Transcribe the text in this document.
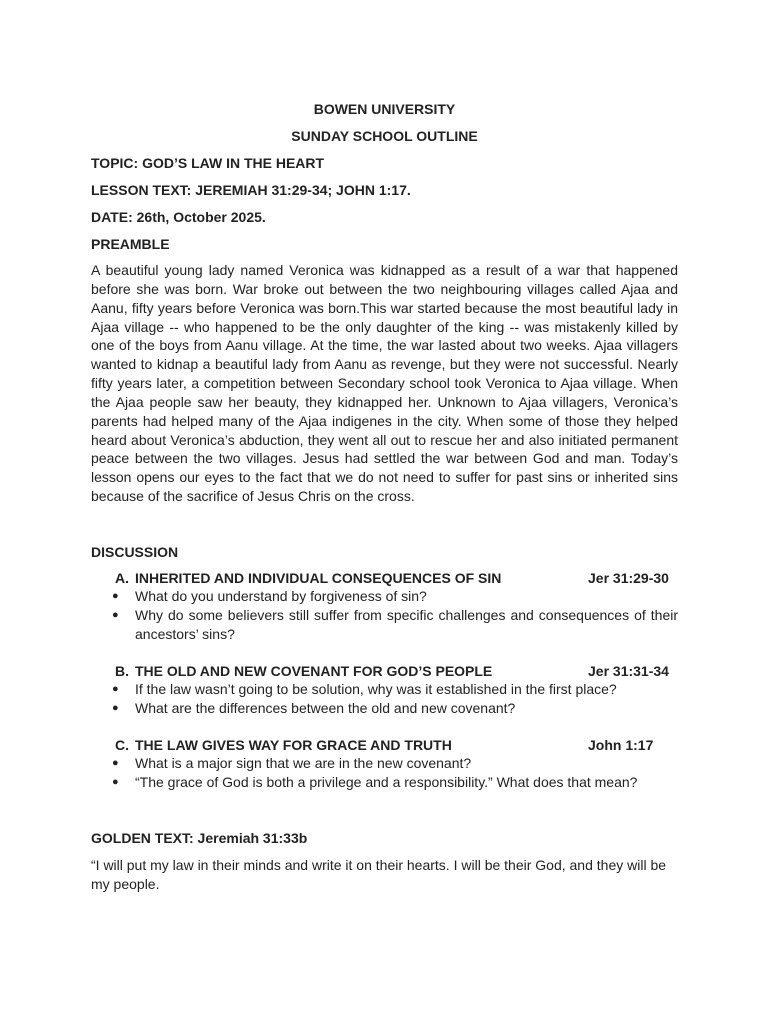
BOWEN UNIVERSITY
SUNDAY SCHOOL OUTLINE
TOPIC: GOD’S LAW IN THE HEART
LESSON TEXT: JEREMIAH 31:29-34; JOHN 1:17.
DATE: 26th, October 2025.
PREAMBLE
A beautiful young lady named Veronica was kidnapped as a result of a war that happened before she was born. War broke out between the two neighbouring villages called Ajaa and Aanu, fifty years before Veronica was born.This war started because the most beautiful lady in Ajaa village -- who happened to be the only daughter of the king -- was mistakenly killed by one of the boys from Aanu village. At the time, the war lasted about two weeks. Ajaa villagers wanted to kidnap a beautiful lady from Aanu as revenge, but they were not successful. Nearly fifty years later, a competition between Secondary school took Veronica to Ajaa village. When the Ajaa people saw her beauty, they kidnapped her. Unknown to Ajaa villagers, Veronica’s parents had helped many of the Ajaa indigenes in the city. When some of those they helped heard about Veronica’s abduction, they went all out to rescue her and also initiated permanent peace between the two villages. Jesus had settled the war between God and man. Today’s lesson opens our eyes to the fact that we do not need to suffer for past sins or inherited sins because of the sacrifice of Jesus Chris on the cross.
DISCUSSION
A. INHERITED AND INDIVIDUAL CONSEQUENCES OF SIN	Jer 31:29-30
● What do you understand by forgiveness of sin?
● Why do some believers still suffer from specific challenges and consequences of their ancestors’ sins?
B. THE OLD AND NEW COVENANT FOR GOD’S PEOPLE	Jer 31:31-34
● If the law wasn’t going to be solution, why was it established in the first place?
● What are the differences between the old and new covenant?
C. THE LAW GIVES WAY FOR GRACE AND TRUTH	John 1:17
● What is a major sign that we are in the new covenant?
● “The grace of God is both a privilege and a responsibility.” What does that mean?
GOLDEN TEXT: Jeremiah 31:33b
“I will put my law in their minds and write it on their hearts. I will be their God, and they will be my people.
